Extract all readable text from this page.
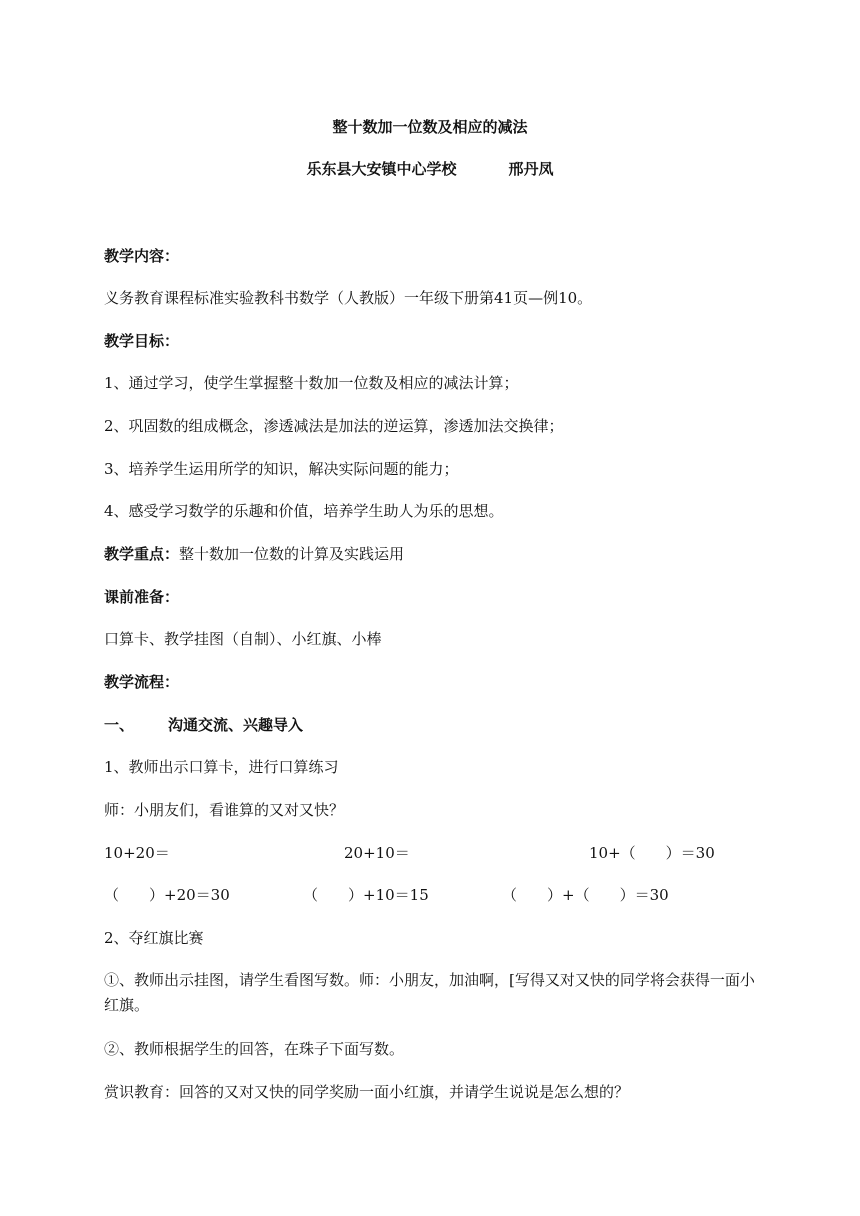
整十数加一位数及相应的减法
乐东县大安镇中心学校	邢丹凤
教学内容：
义务教育课程标准实验教科书数学（人教版）一年级下册第41页—例10。
教学目标：
1、通过学习，使学生掌握整十数加一位数及相应的减法计算；
2、巩固数的组成概念，渗透减法是加法的逆运算，渗透加法交换律；
3、培养学生运用所学的知识，解决实际问题的能力；
4、感受学习数学的乐趣和价值，培养学生助人为乐的思想。
教学重点：整十数加一位数的计算及实践运用
课前准备：
口算卡、教学挂图（自制）、小红旗、小棒
教学流程：
一、 沟通交流、兴趣导入
1、教师出示口算卡，进行口算练习
师：小朋友们，看谁算的又对又快？
10+20＝	20+10＝	10+（　　）＝30
（　　）+20＝30	（　　）+10＝15	（　　）+（　　）＝30
2、夺红旗比赛
①、教师出示挂图，请学生看图写数。师：小朋友，加油啊，[写得又对又快的同学将会获得一面小红旗。
②、教师根据学生的回答，在珠子下面写数。
赏识教育：回答的又对又快的同学奖励一面小红旗，并请学生说说是怎么想的？
